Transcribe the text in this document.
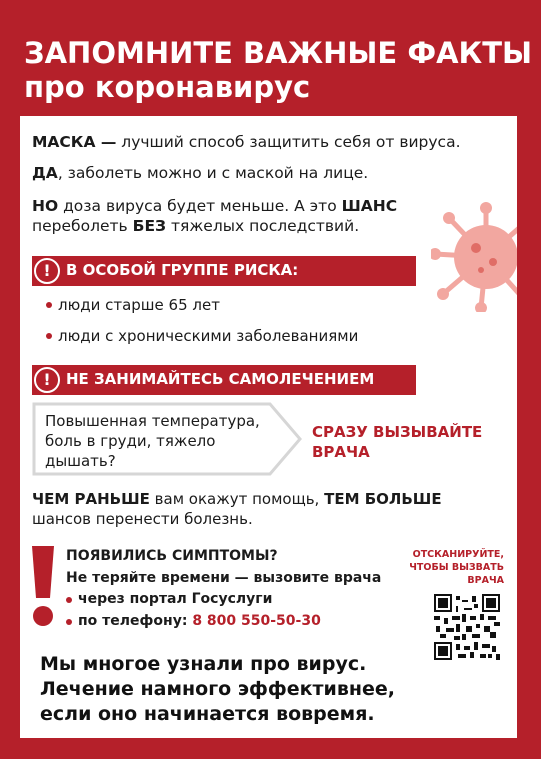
ЗАПОМНИТЕ ВАЖНЫЕ ФАКТЫ
про коронавирус
МАСКА — лучший способ защитить себя от вируса.
ДА, заболеть можно и с маской на лице.
НО доза вируса будет меньше. А это ШАНС
переболеть БЕЗ тяжелых последствий.
!	В ОСОБОЙ ГРУППЕ РИСКА:
люди старше 65 лет
люди с хроническими заболеваниями
!	НЕ ЗАНИМАЙТЕСЬ САМОЛЕЧЕНИЕМ
Повышенная температура,
боль в груди, тяжело
дышать?
СРАЗУ ВЫЗЫВАЙТЕ
ВРАЧА
ЧЕМ РАНЬШЕ вам окажут помощь, ТЕМ БОЛЬШЕ
шансов перенести болезнь.
ПОЯВИЛИСЬ СИМПТОМЫ?
Не теряйте времени — вызовите врача
через портал Госуслуги
по телефону: 8 800 550-50-30
ОТСКАНИРУЙТЕ,
ЧТОБЫ ВЫЗВАТЬ
ВРАЧА
Мы многое узнали про вирус.
Лечение намного эффективнее,
если оно начинается вовремя.
